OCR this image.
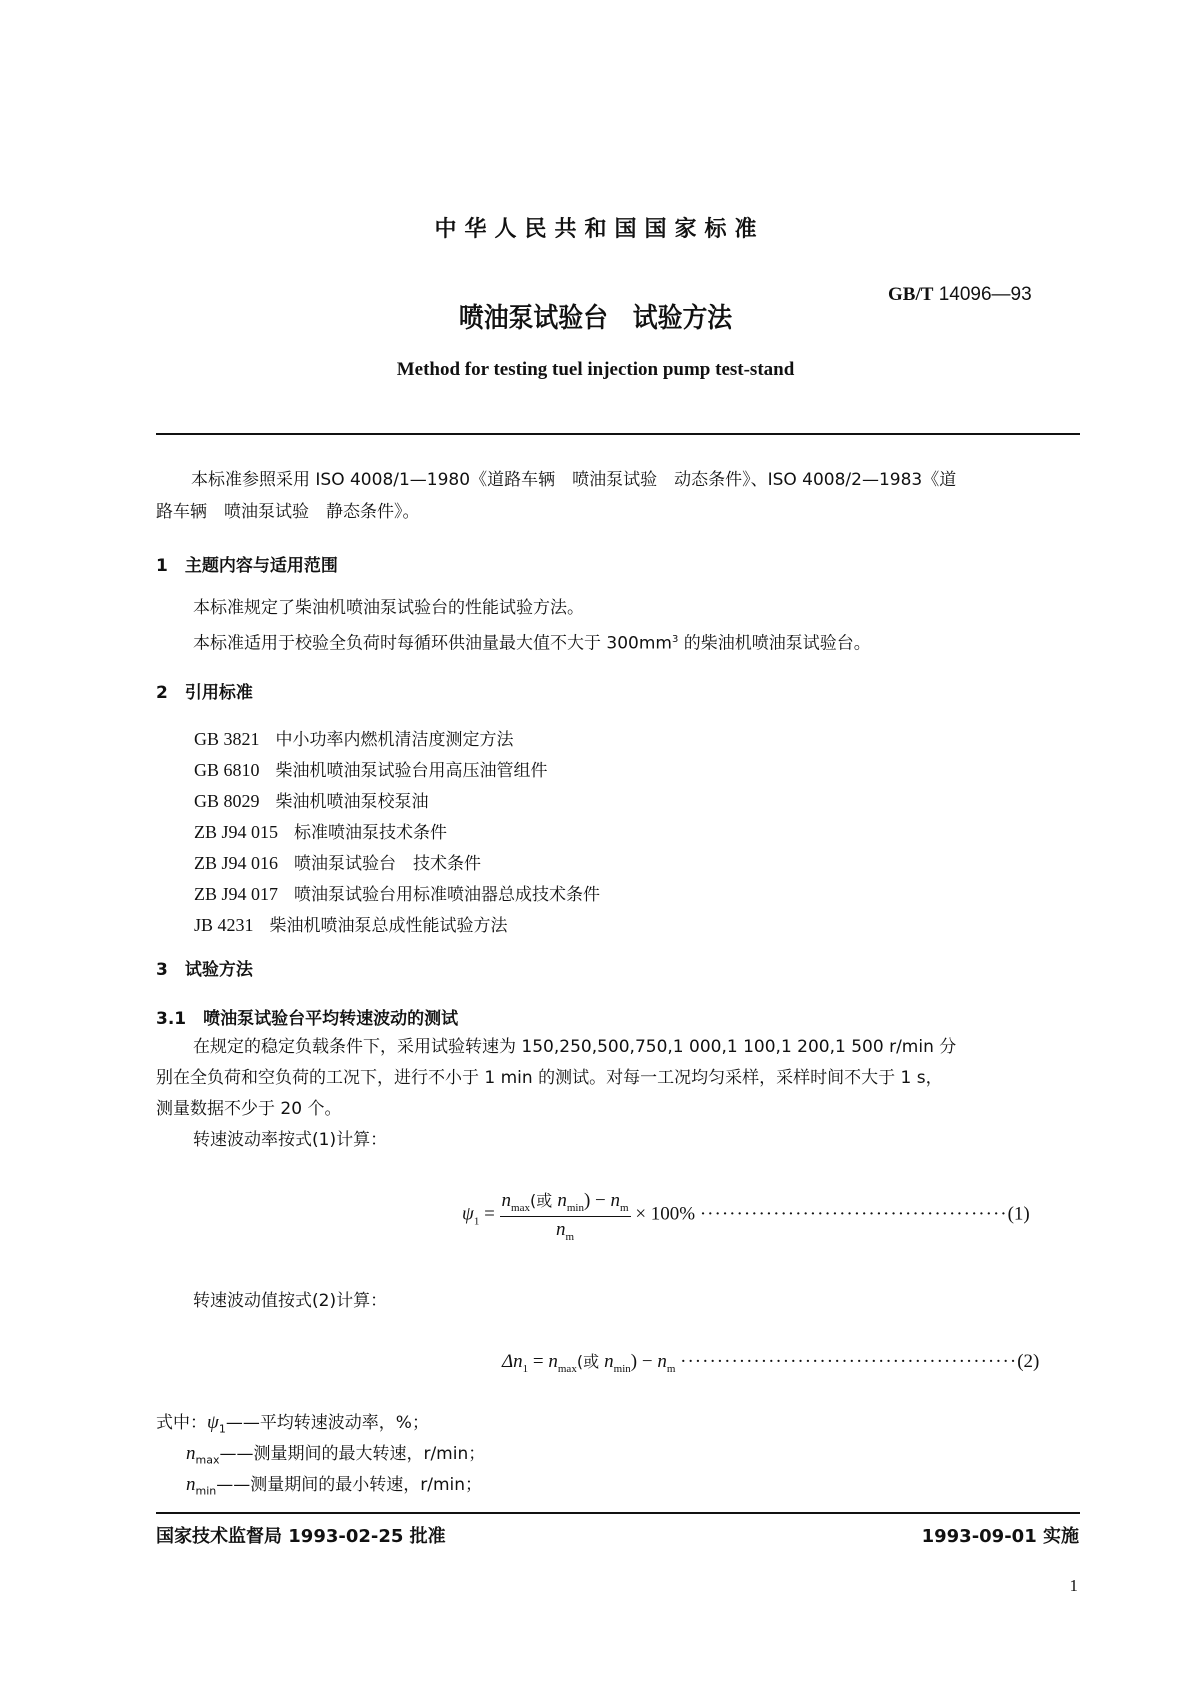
中华人民共和国国家标准
GB/T 14096—93
喷油泵试验台　试验方法
Method for testing tuel injection pump test-stand
本标准参照采用 ISO 4008/1—1980《道路车辆　喷油泵试验　动态条件》、ISO 4008/2—1983《道
路车辆　喷油泵试验　静态条件》。
1　主题内容与适用范围
本标准规定了柴油机喷油泵试验台的性能试验方法。
本标准适用于校验全负荷时每循环供油量最大值不大于 $300mm^3$ 的柴油机喷油泵试验台。
2　引用标准
GB 3821 中小功率内燃机清洁度测定方法
GB 6810 柴油机喷油泵试验台用高压油管组件
GB 8029 柴油机喷油泵校泵油
ZB J94 015 标准喷油泵技术条件
ZB J94 016 喷油泵试验台　技术条件
ZB J94 017 喷油泵试验台用标准喷油器总成技术条件
JB 4231 柴油机喷油泵总成性能试验方法
3　试验方法
3.1　喷油泵试验台平均转速波动的测试
在规定的稳定负载条件下，采用试验转速为 150,250,500,750,1 000,1 100,1 200,1 500 r/min 分
别在全负荷和空负荷的工况下，进行不小于 1 min 的测试。对每一工况均匀采样，采样时间不大于 1 s，
测量数据不少于 20 个。
转速波动率按式(1)计算：
$\psi_1 = \frac{n_{max}(或 n_{min}) - n_m}{n_m} \times 100\% \cdot\cdot\cdot\cdot\cdot\cdot\cdot\cdot\cdot\cdot\cdot\cdot\cdot\cdot\cdot\cdot\cdot\cdot\cdot\cdot\cdot\cdot\cdot\cdot\cdot\cdot\cdot\cdot\cdot\cdot\cdot\cdot\cdot\cdot\cdot\cdot\cdot\cdot\cdot\cdot\cdot\cdot(1)$
转速波动值按式(2)计算：
$\Delta n_1 = n_{max}$(或 $n_{min}) - n_m \cdot\cdot\cdot\cdot\cdot\cdot\cdot\cdot\cdot\cdot\cdot\cdot\cdot\cdot\cdot\cdot\cdot\cdot\cdot\cdot\cdot\cdot\cdot\cdot\cdot\cdot\cdot\cdot\cdot\cdot\cdot\cdot\cdot\cdot\cdot\cdot\cdot\cdot\cdot\cdot\cdot\cdot\cdot\cdot\cdot\cdot(2)$
式中：$\psi_1——$平均转速波动率，%；
$n_{max}——$测量期间的最大转速，r/min；
$n_{min}——$测量期间的最小转速，r/min；
国家技术监督局 1993-02-25 批准	1993-09-01 实施
1
